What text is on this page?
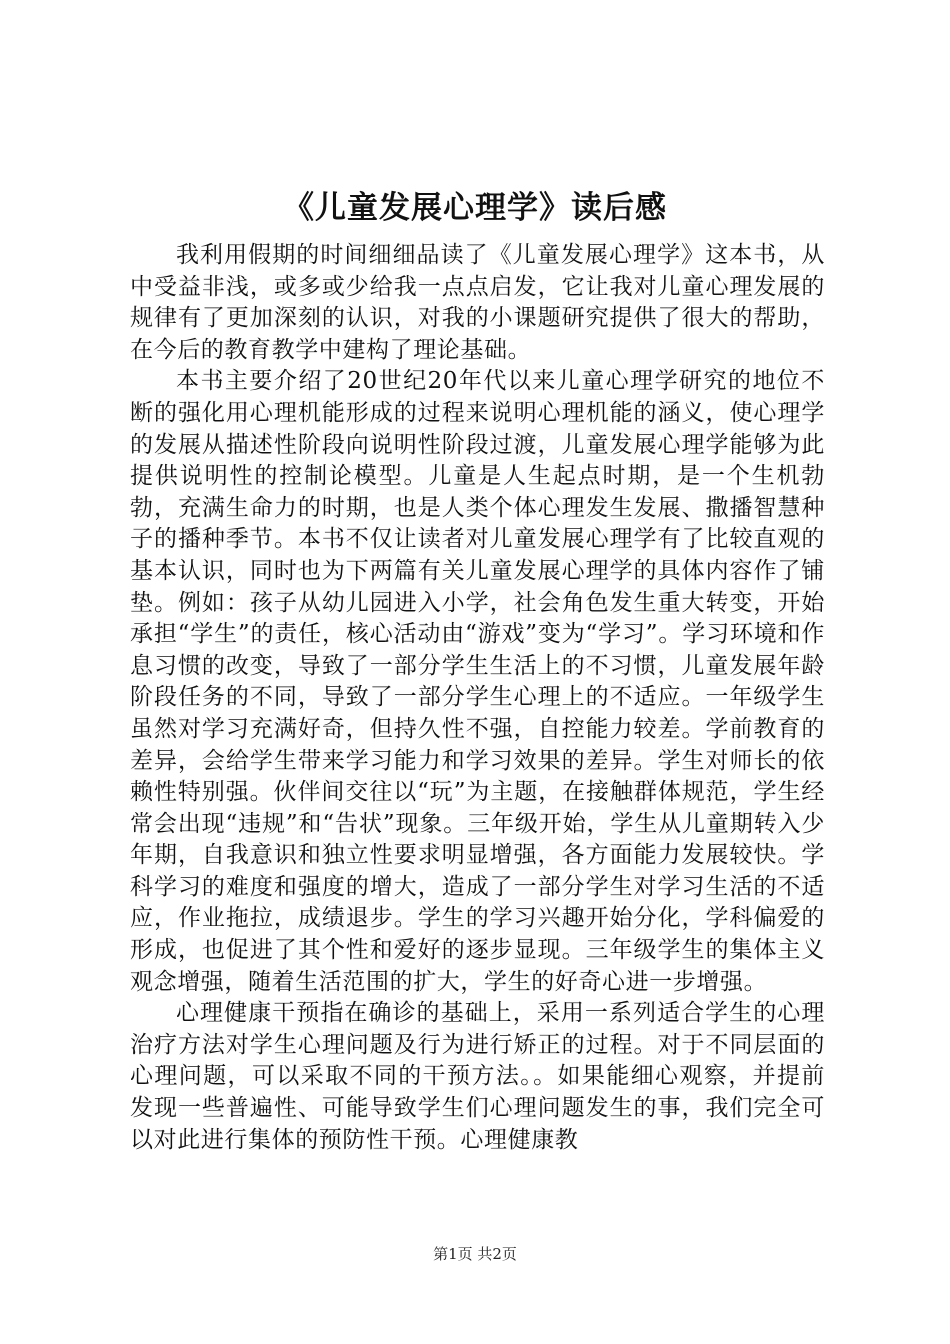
《儿童发展心理学》读后感

我利用假期的时间细细品读了《儿童发展心理学》这本书，从中受益非浅，或多或少给我一点点启发，它让我对儿童心理发展的规律有了更加深刻的认识，对我的小课题研究提供了很大的帮助，在今后的教育教学中建构了理论基础。

本书主要介绍了20世纪20年代以来儿童心理学研究的地位不断的强化用心理机能形成的过程来说明心理机能的涵义，使心理学的发展从描述性阶段向说明性阶段过渡，儿童发展心理学能够为此提供说明性的控制论模型。儿童是人生起点时期，是一个生机勃勃，充满生命力的时期，也是人类个体心理发生发展、撒播智慧种子的播种季节。本书不仅让读者对儿童发展心理学有了比较直观的基本认识，同时也为下两篇有关儿童发展心理学的具体内容作了铺垫。例如：孩子从幼儿园进入小学，社会角色发生重大转变，开始承担“学生”的责任，核心活动由“游戏”变为“学习”。学习环境和作息习惯的改变，导致了一部分学生生活上的不习惯，儿童发展年龄阶段任务的不同，导致了一部分学生心理上的不适应。一年级学生虽然对学习充满好奇，但持久性不强，自控能力较差。学前教育的差异，会给学生带来学习能力和学习效果的差异。学生对师长的依赖性特别强。伙伴间交往以“玩”为主题，在接触群体规范，学生经常会出现“违规”和“告状”现象。三年级开始，学生从儿童期转入少年期，自我意识和独立性要求明显增强，各方面能力发展较快。学科学习的难度和强度的增大，造成了一部分学生对学习生活的不适应，作业拖拉，成绩退步。学生的学习兴趣开始分化，学科偏爱的形成，也促进了其个性和爱好的逐步显现。三年级学生的集体主义观念增强，随着生活范围的扩大，学生的好奇心进一步增强。

心理健康干预指在确诊的基础上，采用一系列适合学生的心理治疗方法对学生心理问题及行为进行矫正的过程。对于不同层面的心理问题，可以采取不同的干预方法。。如果能细心观察，并提前发现一些普遍性、可能导致学生们心理问题发生的事，我们完全可以对此进行集体的预防性干预。心理健康教

第1页 共2页
